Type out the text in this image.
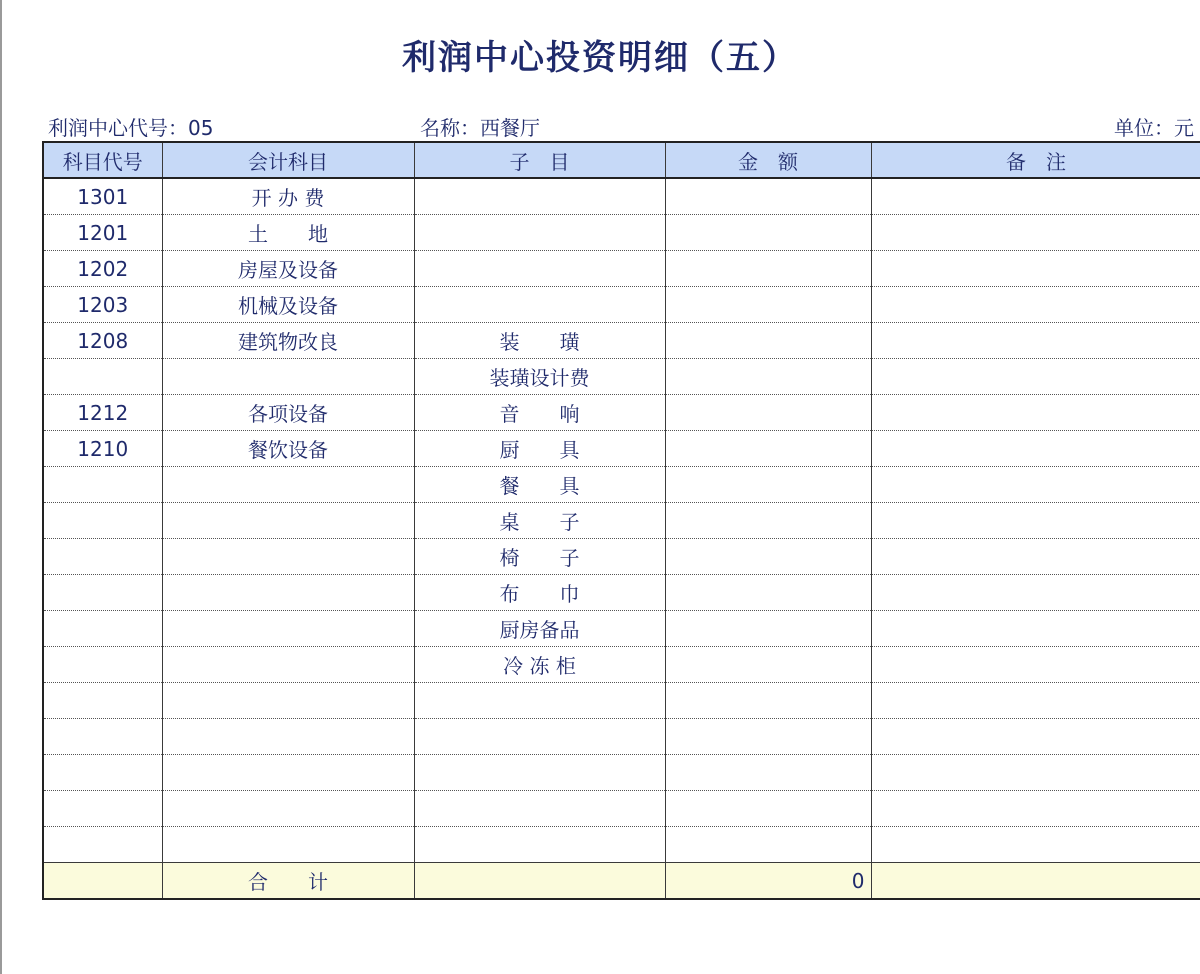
利润中心投资明细（五）
利润中心代号：05	名称：西餐厅	单位：元
科目代号	会计科目	子　目	金　额	备　注
1301	开 办 费			
1201	土　　地			
1202	房屋及设备			
1203	机械及设备			
1208	建筑物改良	装　　璜		
		装璜设计费		
1212	各项设备	音　　响		
1210	餐饮设备	厨　　具		
		餐　　具		
		桌　　子		
		椅　　子		
		布　　巾		
		厨房备品		
		冷 冻 柜		

	合　　计		0	
